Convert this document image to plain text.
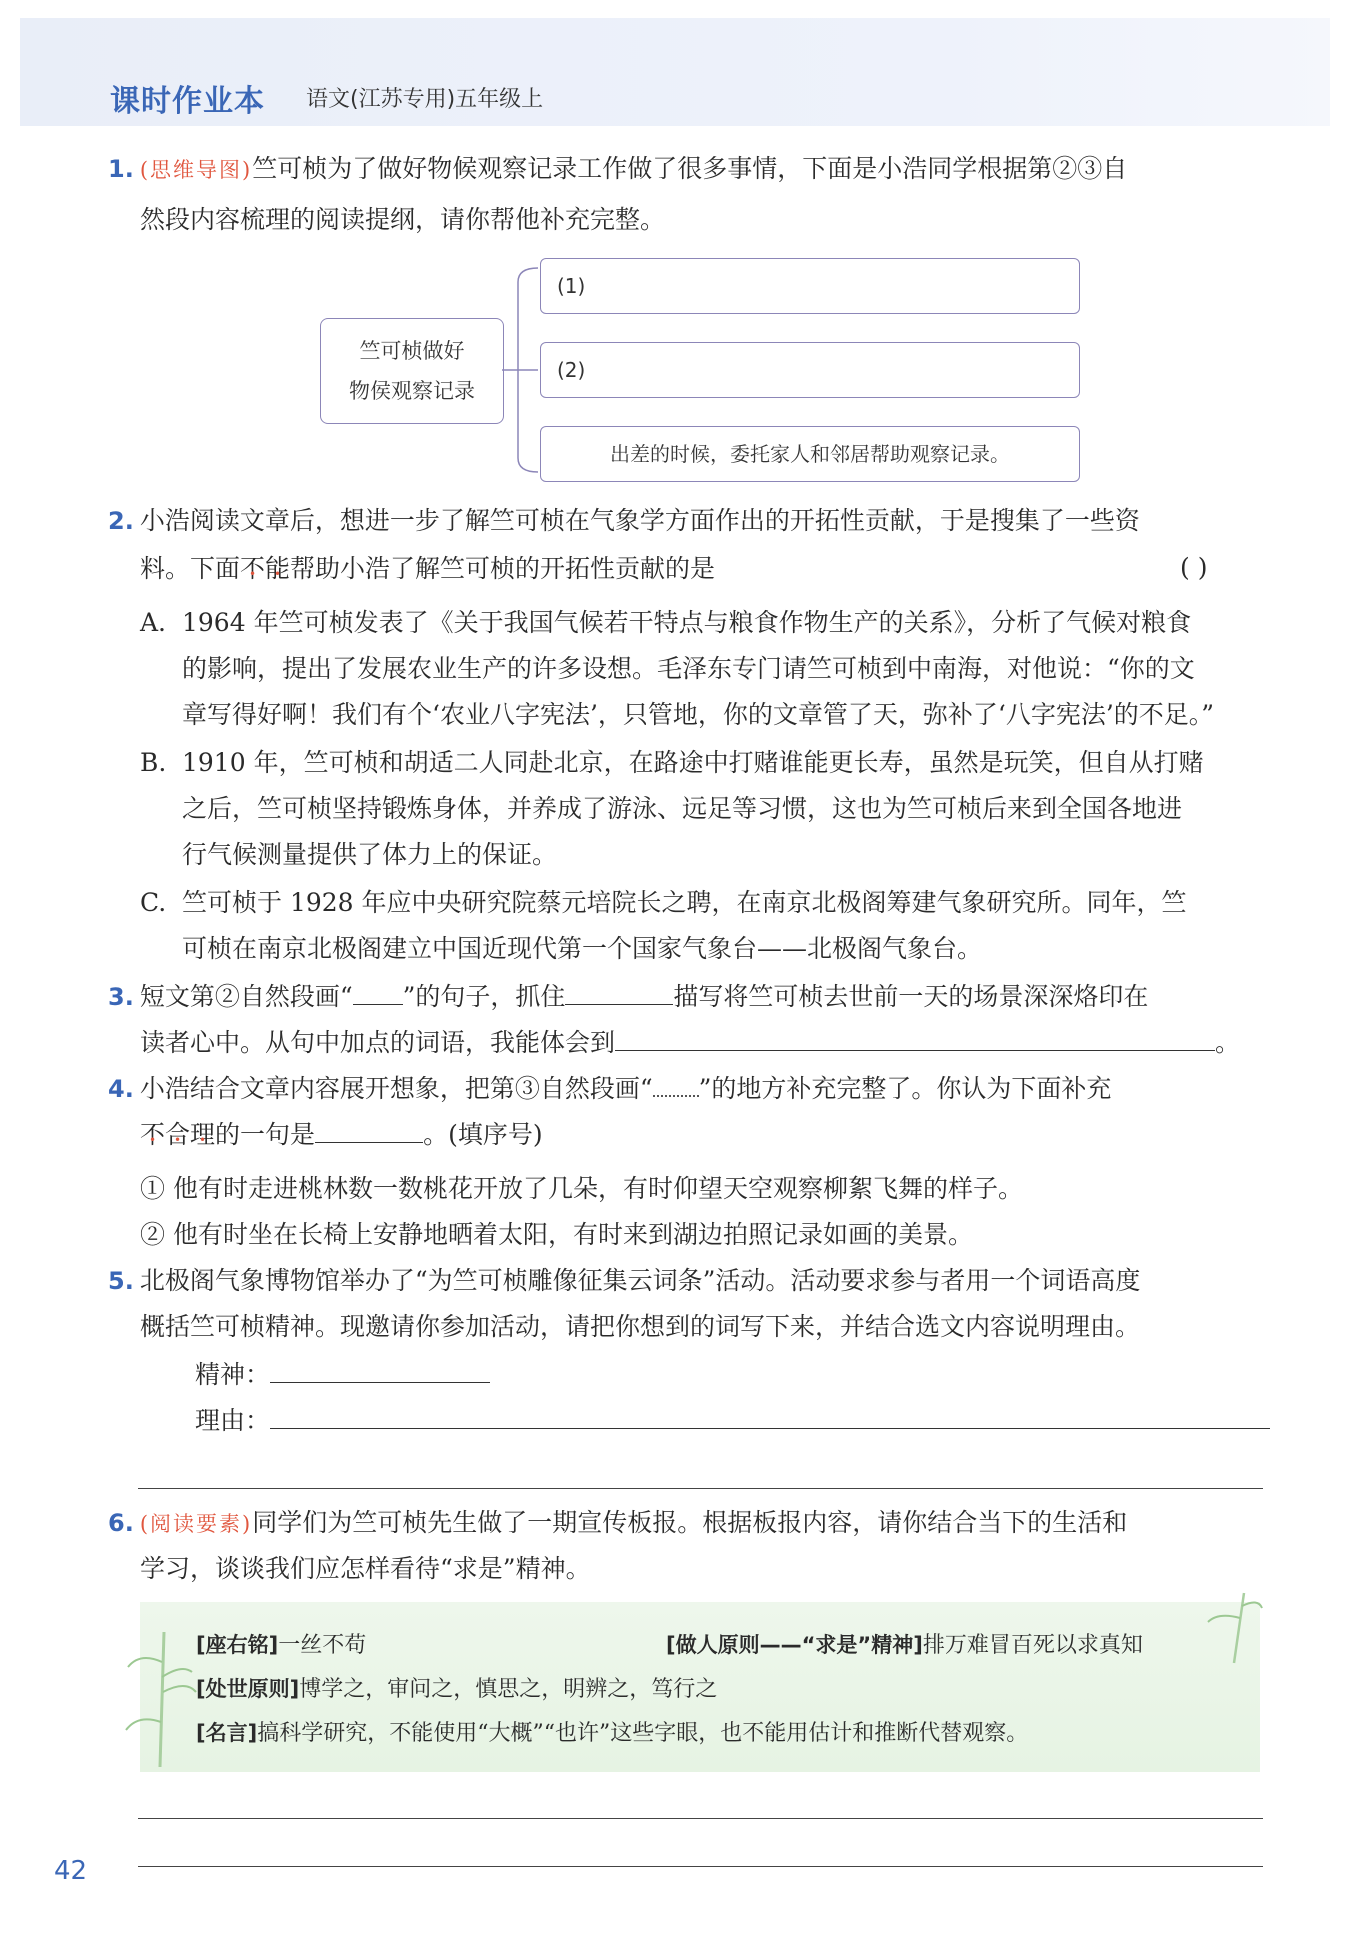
课时作业本 语文(江苏专用)五年级上
1. (思维导图)竺可桢为了做好物候观察记录工作做了很多事情，下面是小浩同学根据第②③自
然段内容梳理的阅读提纲，请你帮他补充完整。
竺可桢做好
物侯观察记录
(1)
(2)
出差的时候，委托家人和邻居帮助观察记录。
2. 小浩阅读文章后，想进一步了解竺可桢在气象学方面作出的开拓性贡献，于是搜集了一些资
料。下面不 •能 •帮助小浩了解竺可桢的开拓性贡献的是	( )
A. 1964 年竺可桢发表了《关于我国气候若干特点与粮食作物生产的关系》，分析了气候对粮食
的影响，提出了发展农业生产的许多设想。毛泽东专门请竺可桢到中南海，对他说：“你的文
章写得好啊！我们有个‘农业八字宪法’，只管地，你的文章管了天，弥补了‘八字宪法’的不足。”
B. 1910 年，竺可桢和胡适二人同赴北京，在路途中打赌谁能更长寿，虽然是玩笑，但自从打赌
之后，竺可桢坚持锻炼身体，并养成了游泳、远足等习惯，这也为竺可桢后来到全国各地进
行气候测量提供了体力上的保证。
C. 竺可桢于 1928 年应中央研究院蔡元培院长之聘，在南京北极阁筹建气象研究所。同年，竺
可桢在南京北极阁建立中国近现代第一个国家气象台——北极阁气象台。
3. 短文第②自然段画“ ”的句子，抓住	描写将竺可桢去世前一天的场景深深烙印在
读者心中。从句中加点的词语，我能体会到	。
4. 小浩结合文章内容展开想象，把第③自然段画“ ”的地方补充完整了。你认为下面补充
不 •合 •理 •的一句是	。(填序号)
① 他有时走进桃林数一数桃花开放了几朵，有时仰望天空观察柳絮飞舞的样子。
② 他有时坐在长椅上安静地晒着太阳，有时来到湖边拍照记录如画的美景。
5. 北极阁气象博物馆举办了“为竺可桢雕像征集云词条”活动。活动要求参与者用一个词语高度
概括竺可桢精神。现邀请你参加活动，请把你想到的词写下来，并结合选文内容说明理由。
精神：
理由：
6. (阅读要素)同学们为竺可桢先生做了一期宣传板报。根据板报内容，请你结合当下的生活和
学习，谈谈我们应怎样看待“求是”精神。
[座右铭]一丝不苟	[做人原则——“求是”精神]排万难冒百死以求真知
[处世原则]博学之，审问之，慎思之，明辨之，笃行之
[名言]搞科学研究，不能使用“大概”“也许”这些字眼，也不能用估计和推断代替观察。
42
